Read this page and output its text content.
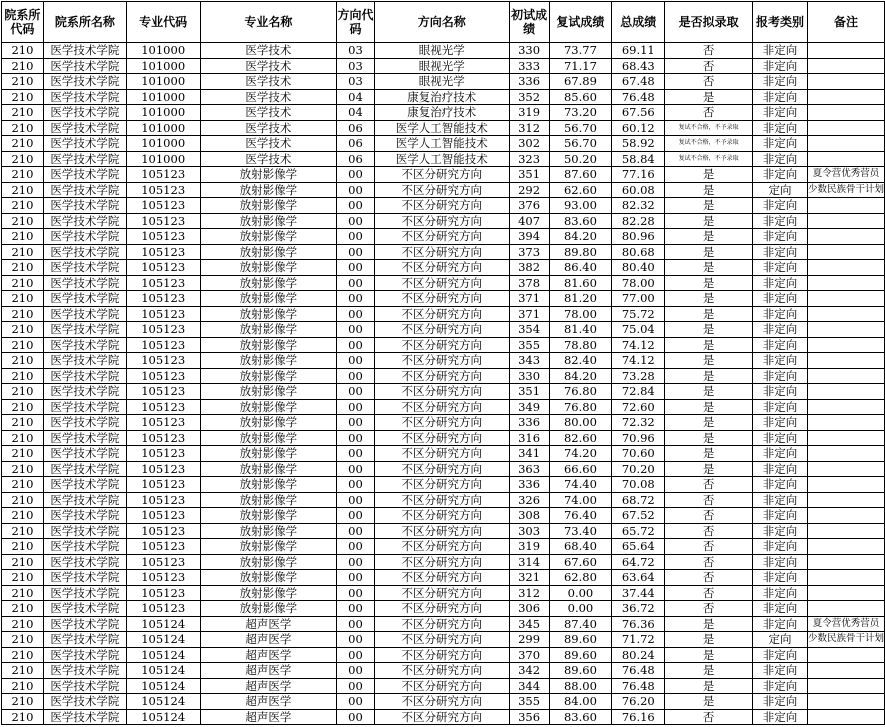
院系所代码	院系所名称	专业代码	专业名称	方向代码	方向名称	初试成绩	复试成绩	总成绩	是否拟录取	报考类别	备注
210	医学技术学院	101000	医学技术	03	眼视光学	330	73.77	69.11	否	非定向	
210	医学技术学院	101000	医学技术	03	眼视光学	333	71.17	68.43	否	非定向	
210	医学技术学院	101000	医学技术	03	眼视光学	336	67.89	67.48	否	非定向	
210	医学技术学院	101000	医学技术	04	康复治疗技术	352	85.60	76.48	是	非定向	
210	医学技术学院	101000	医学技术	04	康复治疗技术	319	73.20	67.56	否	非定向	
210	医学技术学院	101000	医学技术	06	医学人工智能技术	312	56.70	60.12	复试不合格，不予录取	非定向	
210	医学技术学院	101000	医学技术	06	医学人工智能技术	302	56.70	58.92	复试不合格，不予录取	非定向	
210	医学技术学院	101000	医学技术	06	医学人工智能技术	323	50.20	58.84	复试不合格，不予录取	非定向	
210	医学技术学院	105123	放射影像学	00	不区分研究方向	351	87.60	77.16	是	非定向	夏令营优秀营员
210	医学技术学院	105123	放射影像学	00	不区分研究方向	292	62.60	60.08	是	定向	少数民族骨干计划
210	医学技术学院	105123	放射影像学	00	不区分研究方向	376	93.00	82.32	是	非定向	
210	医学技术学院	105123	放射影像学	00	不区分研究方向	407	83.60	82.28	是	非定向	
210	医学技术学院	105123	放射影像学	00	不区分研究方向	394	84.20	80.96	是	非定向	
210	医学技术学院	105123	放射影像学	00	不区分研究方向	373	89.80	80.68	是	非定向	
210	医学技术学院	105123	放射影像学	00	不区分研究方向	382	86.40	80.40	是	非定向	
210	医学技术学院	105123	放射影像学	00	不区分研究方向	378	81.60	78.00	是	非定向	
210	医学技术学院	105123	放射影像学	00	不区分研究方向	371	81.20	77.00	是	非定向	
210	医学技术学院	105123	放射影像学	00	不区分研究方向	371	78.00	75.72	是	非定向	
210	医学技术学院	105123	放射影像学	00	不区分研究方向	354	81.40	75.04	是	非定向	
210	医学技术学院	105123	放射影像学	00	不区分研究方向	355	78.80	74.12	是	非定向	
210	医学技术学院	105123	放射影像学	00	不区分研究方向	343	82.40	74.12	是	非定向	
210	医学技术学院	105123	放射影像学	00	不区分研究方向	330	84.20	73.28	是	非定向	
210	医学技术学院	105123	放射影像学	00	不区分研究方向	351	76.80	72.84	是	非定向	
210	医学技术学院	105123	放射影像学	00	不区分研究方向	349	76.80	72.60	是	非定向	
210	医学技术学院	105123	放射影像学	00	不区分研究方向	336	80.00	72.32	是	非定向	
210	医学技术学院	105123	放射影像学	00	不区分研究方向	316	82.60	70.96	是	非定向	
210	医学技术学院	105123	放射影像学	00	不区分研究方向	341	74.20	70.60	是	非定向	
210	医学技术学院	105123	放射影像学	00	不区分研究方向	363	66.60	70.20	是	非定向	
210	医学技术学院	105123	放射影像学	00	不区分研究方向	336	74.40	70.08	否	非定向	
210	医学技术学院	105123	放射影像学	00	不区分研究方向	326	74.00	68.72	否	非定向	
210	医学技术学院	105123	放射影像学	00	不区分研究方向	308	76.40	67.52	否	非定向	
210	医学技术学院	105123	放射影像学	00	不区分研究方向	303	73.40	65.72	否	非定向	
210	医学技术学院	105123	放射影像学	00	不区分研究方向	319	68.40	65.64	否	非定向	
210	医学技术学院	105123	放射影像学	00	不区分研究方向	314	67.60	64.72	否	非定向	
210	医学技术学院	105123	放射影像学	00	不区分研究方向	321	62.80	63.64	否	非定向	
210	医学技术学院	105123	放射影像学	00	不区分研究方向	312	0.00	37.44	否	非定向	
210	医学技术学院	105123	放射影像学	00	不区分研究方向	306	0.00	36.72	否	非定向	
210	医学技术学院	105124	超声医学	00	不区分研究方向	345	87.40	76.36	是	非定向	夏令营优秀营员
210	医学技术学院	105124	超声医学	00	不区分研究方向	299	89.60	71.72	是	定向	少数民族骨干计划
210	医学技术学院	105124	超声医学	00	不区分研究方向	370	89.60	80.24	是	非定向	
210	医学技术学院	105124	超声医学	00	不区分研究方向	342	89.60	76.48	是	非定向	
210	医学技术学院	105124	超声医学	00	不区分研究方向	344	88.00	76.48	是	非定向	
210	医学技术学院	105124	超声医学	00	不区分研究方向	355	84.00	76.20	是	非定向	
210	医学技术学院	105124	超声医学	00	不区分研究方向	356	83.60	76.16	否	非定向	
